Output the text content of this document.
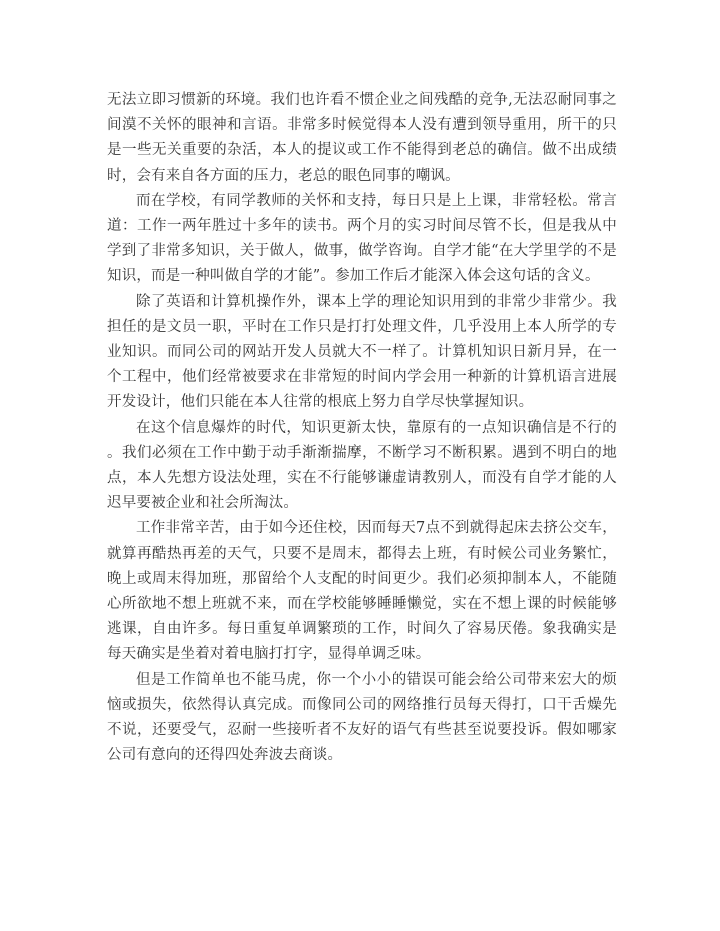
无法立即习惯新的环境。我们也许看不惯企业之间残酷的竞争,无法忍耐同事之间漠不关怀的眼神和言语。非常多时候觉得本人没有遭到领导重用，所干的只是一些无关重要的杂活，本人的提议或工作不能得到老总的确信。做不出成绩时，会有来自各方面的压力，老总的眼色同事的嘲讽。

而在学校，有同学教师的关怀和支持，每日只是上上课，非常轻松。常言道：工作一两年胜过十多年的读书。两个月的实习时间尽管不长，但是我从中学到了非常多知识，关于做人，做事，做学咨询。自学才能“在大学里学的不是知识，而是一种叫做自学的才能”。参加工作后才能深入体会这句话的含义。

除了英语和计算机操作外，课本上学的理论知识用到的非常少非常少。我担任的是文员一职，平时在工作只是打打处理文件，几乎没用上本人所学的专业知识。而同公司的网站开发人员就大不一样了。计算机知识日新月异，在一个工程中，他们经常被要求在非常短的时间内学会用一种新的计算机语言进展开发设计，他们只能在本人往常的根底上努力自学尽快掌握知识。

在这个信息爆炸的时代，知识更新太快，靠原有的一点知识确信是不行的。我们必须在工作中勤于动手渐渐揣摩，不断学习不断积累。遇到不明白的地点，本人先想方设法处理，实在不行能够谦虚请教别人，而没有自学才能的人迟早要被企业和社会所淘汰。

工作非常辛苦，由于如今还住校，因而每天7点不到就得起床去挤公交车，就算再酷热再差的天气，只要不是周末，都得去上班，有时候公司业务繁忙，晚上或周末得加班，那留给个人支配的时间更少。我们必须抑制本人，不能随心所欲地不想上班就不来，而在学校能够睡睡懒觉，实在不想上课的时候能够逃课，自由许多。每日重复单调繁琐的工作，时间久了容易厌倦。象我确实是每天确实是坐着对着电脑打打字，显得单调乏味。

但是工作简单也不能马虎，你一个小小的错误可能会给公司带来宏大的烦恼或损失，依然得认真完成。而像同公司的网络推行员每天得打，口干舌燥先不说，还要受气，忍耐一些接听者不友好的语气有些甚至说要投诉。假如哪家公司有意向的还得四处奔波去商谈。
